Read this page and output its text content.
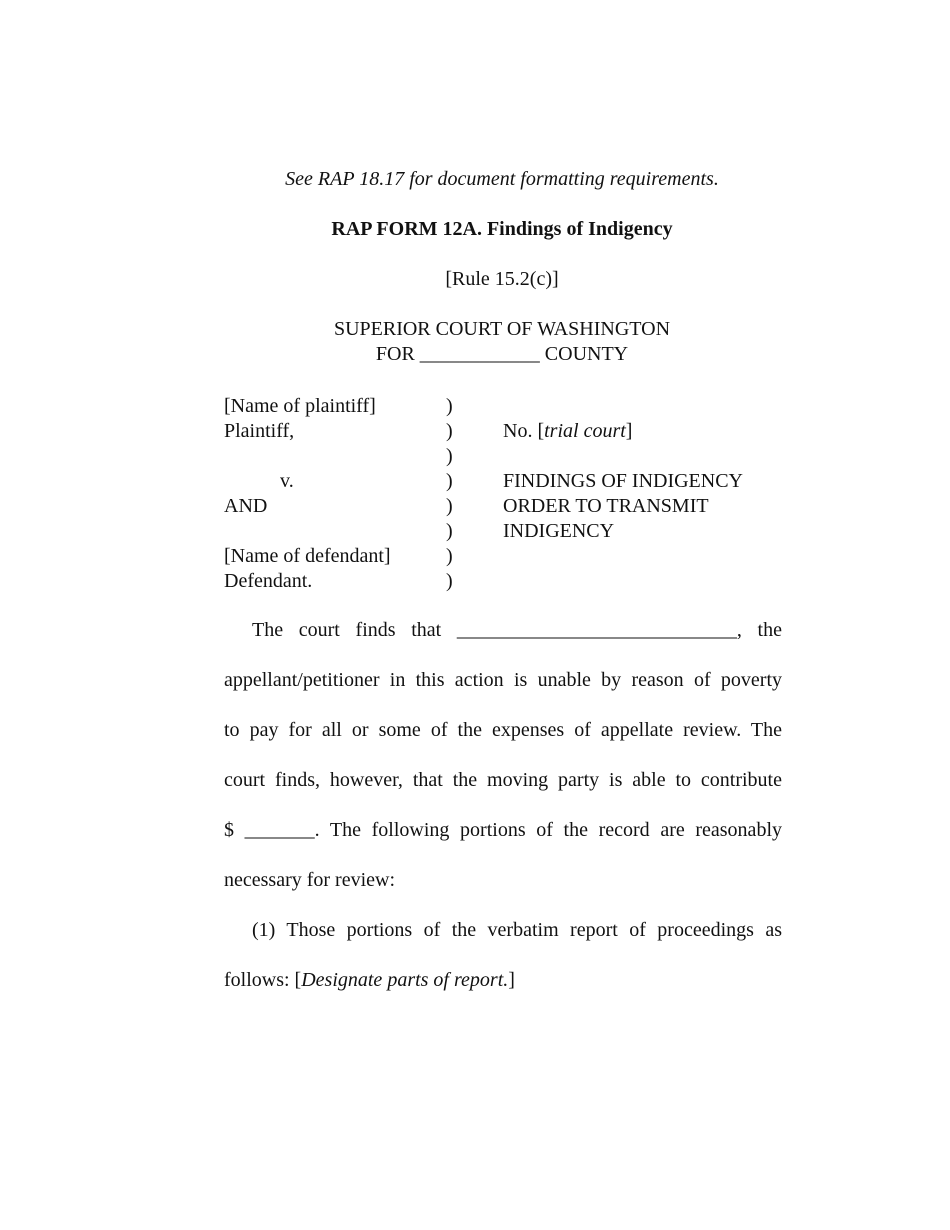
See RAP 18.17 for document formatting requirements.
RAP FORM 12A. Findings of Indigency
[Rule 15.2(c)]
SUPERIOR COURT OF WASHINGTON
FOR ____________ COUNTY
[Name of plaintiff]
Plaintiff,
v.
AND
[Name of defendant]
Defendant.
)
)
)
)
)
)
)
)
No. [trial court]
FINDINGS OF INDIGENCY
ORDER TO TRANSMIT
INDIGENCY
The court finds that ____________________________, the
appellant/petitioner in this action is unable by reason of poverty
to pay for all or some of the expenses of appellate review. The
court finds, however, that the moving party is able to contribute
$ _______. The following portions of the record are reasonably
necessary for review:
(1) Those portions of the verbatim report of proceedings as
follows: [Designate parts of report.]
